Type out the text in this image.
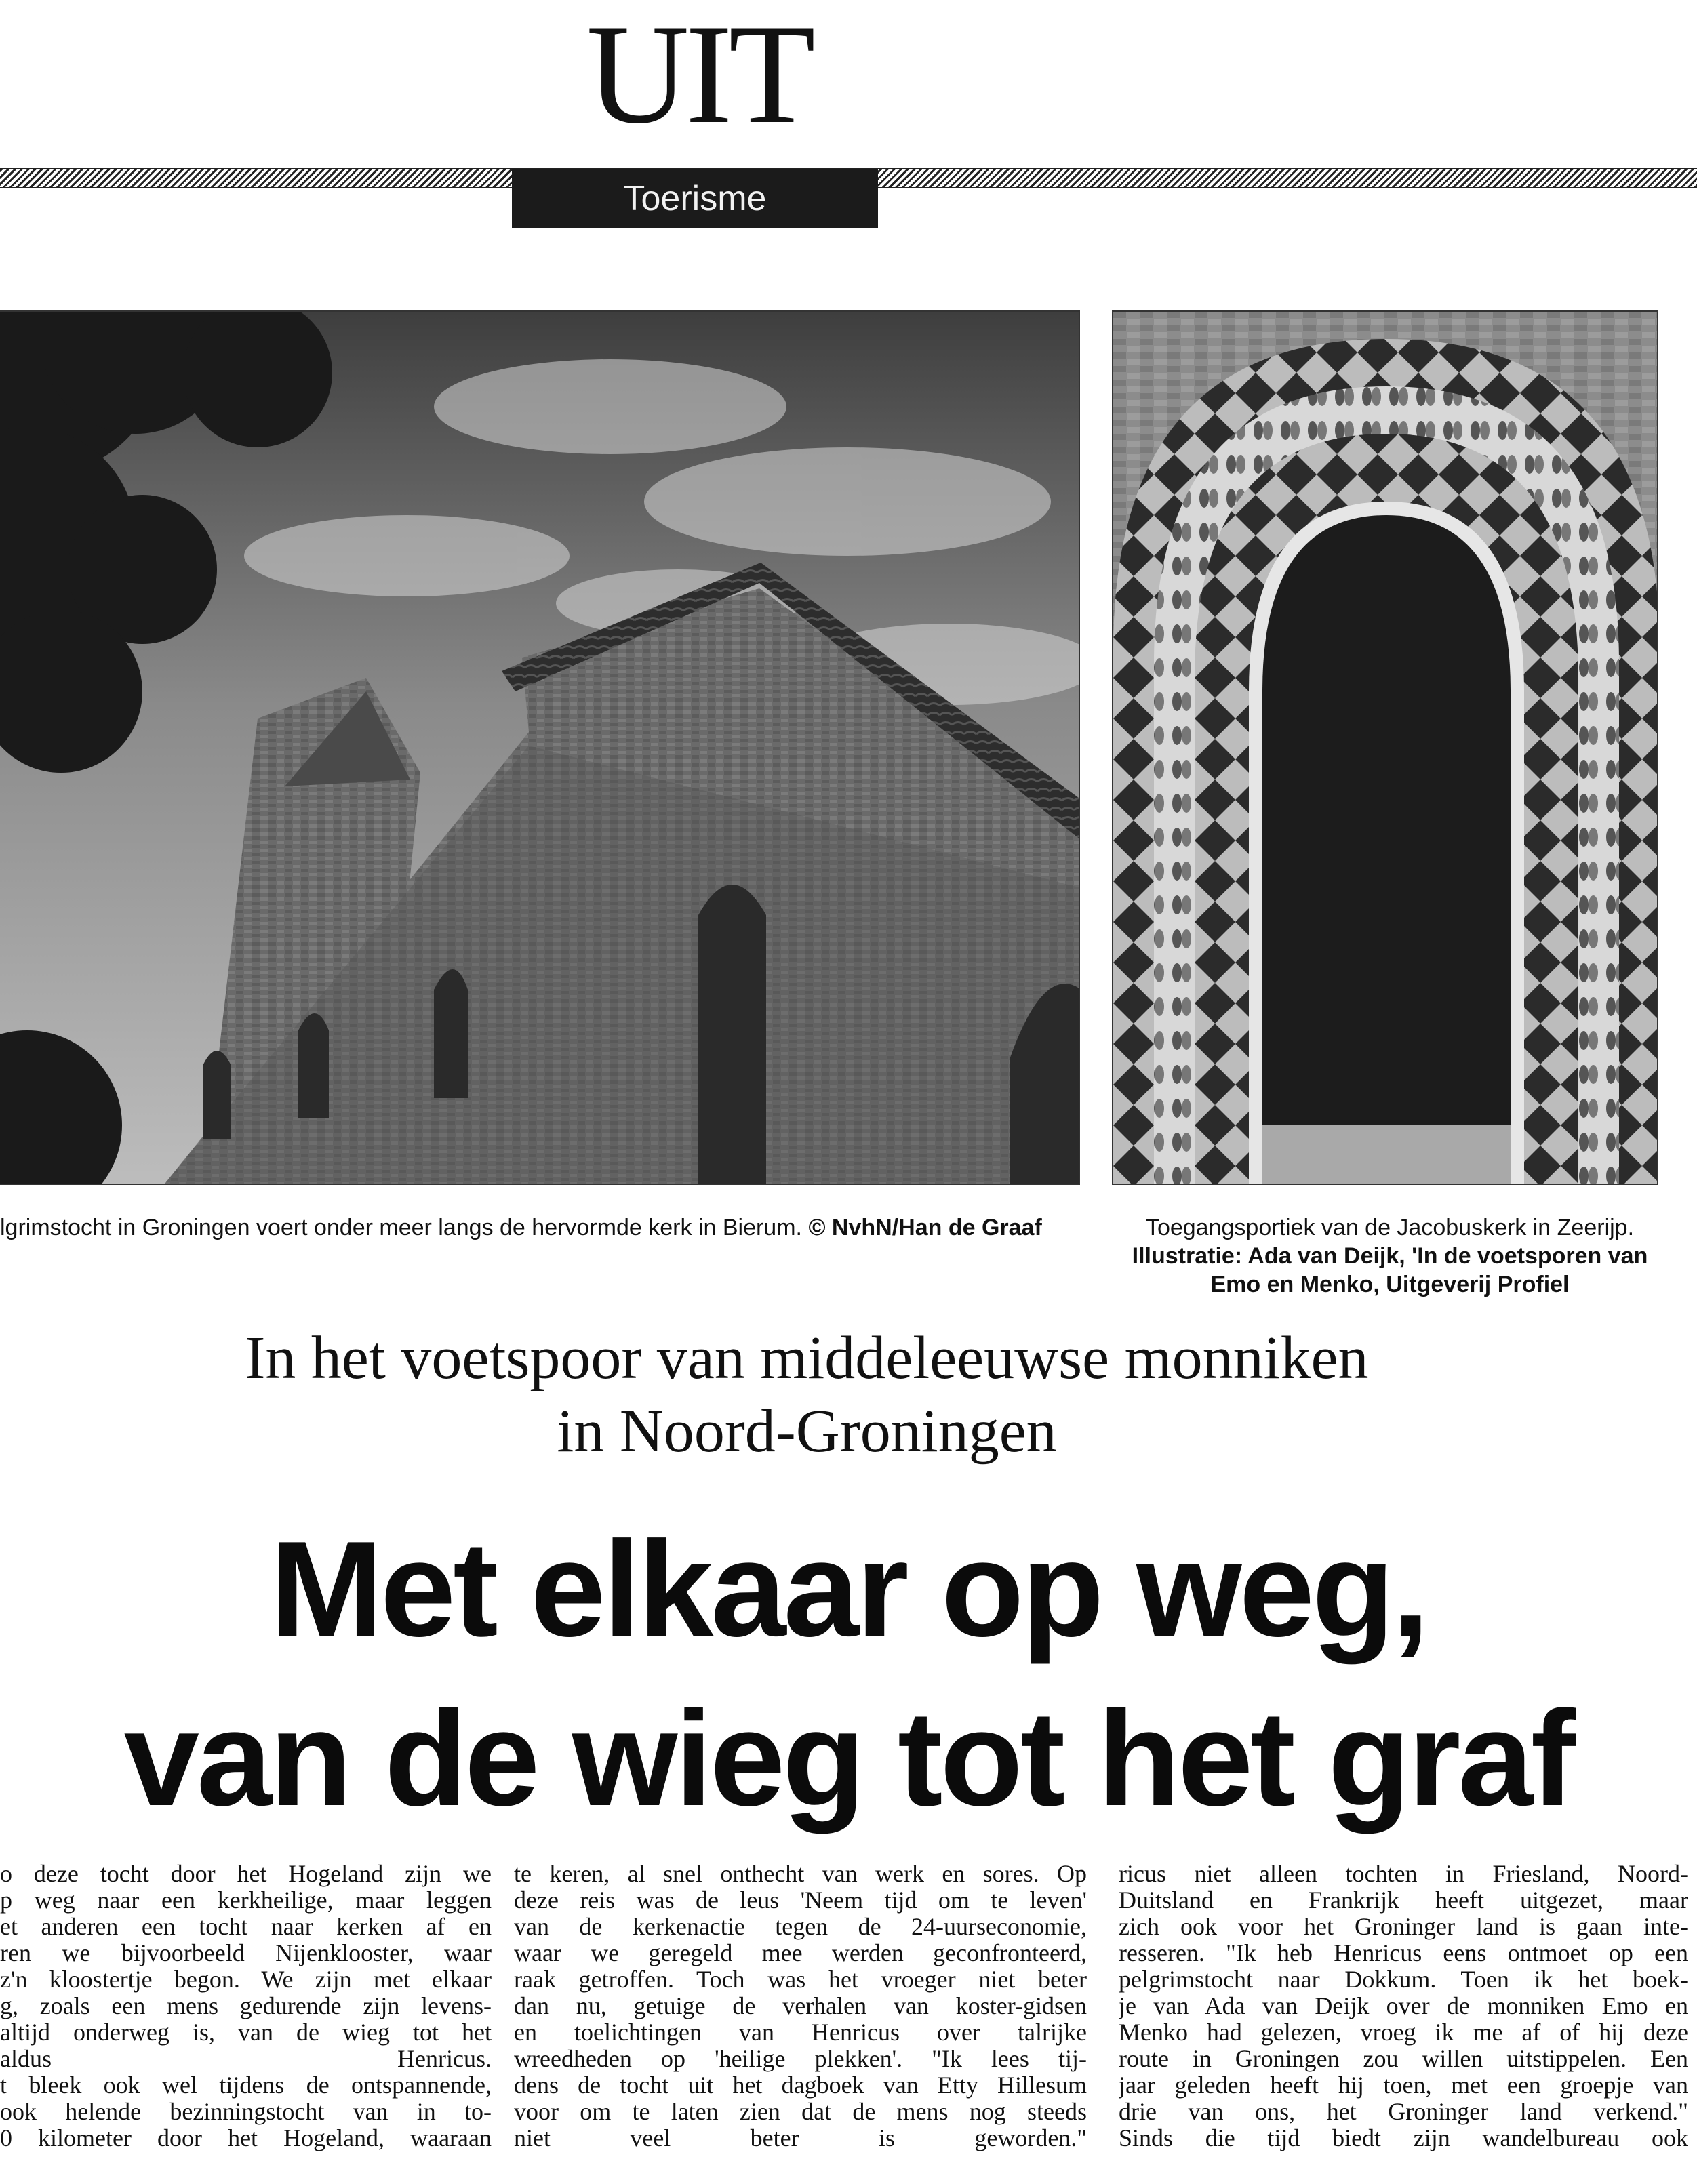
UIT
Toerisme
lgrimstocht in Groningen voert onder meer langs de hervormde kerk in Bierum. © NvhN/Han de Graaf	Toegangsportiek van de Jacobuskerk in Zeerijp.
Illustratie: Ada van Deijk, 'In de voetsporen van Emo en Menko, Uitgeverij Profiel
In het voetspoor van middeleeuwse monniken
in Noord-Groningen
Met elkaar op weg,
van de wieg tot het graf

o deze tocht door het Hogeland zijn we

p weg naar een kerkheilige, maar leggen

et anderen een tocht naar kerken af en

ren we bijvoorbeeld Nijenklooster, waar

z'n kloostertje begon. We zijn met elkaar

g, zoals een mens gedurende zijn levens-

altijd onderweg is, van de wieg tot het

aldus Henricus.

t bleek ook wel tijdens de ontspannende,

ook helende bezinningstocht van in to-

0 kilometer door het Hogeland, waaraan

te keren, al snel onthecht van werk en sores. Op

deze reis was de leus 'Neem tijd om te leven'

van de kerkenactie tegen de 24-uurseconomie,

waar we geregeld mee werden geconfronteerd,

raak getroffen. Toch was het vroeger niet beter

dan nu, getuige de verhalen van koster-gidsen

en toelichtingen van Henricus over talrijke

wreedheden op 'heilige plekken'. "Ik lees tij-

dens de tocht uit het dagboek van Etty Hillesum

voor om te laten zien dat de mens nog steeds

niet veel beter is geworden."

ricus niet alleen tochten in Friesland, Noord-

Duitsland en Frankrijk heeft uitgezet, maar

zich ook voor het Groninger land is gaan inte-

resseren. "Ik heb Henricus eens ontmoet op een

pelgrimstocht naar Dokkum. Toen ik het boek-

je van Ada van Deijk over de monniken Emo en

Menko had gelezen, vroeg ik me af of hij deze

route in Groningen zou willen uitstippelen. Een

jaar geleden heeft hij toen, met een groepje van

drie van ons, het Groninger land verkend."

Sinds die tijd biedt zijn wandelbureau ook
